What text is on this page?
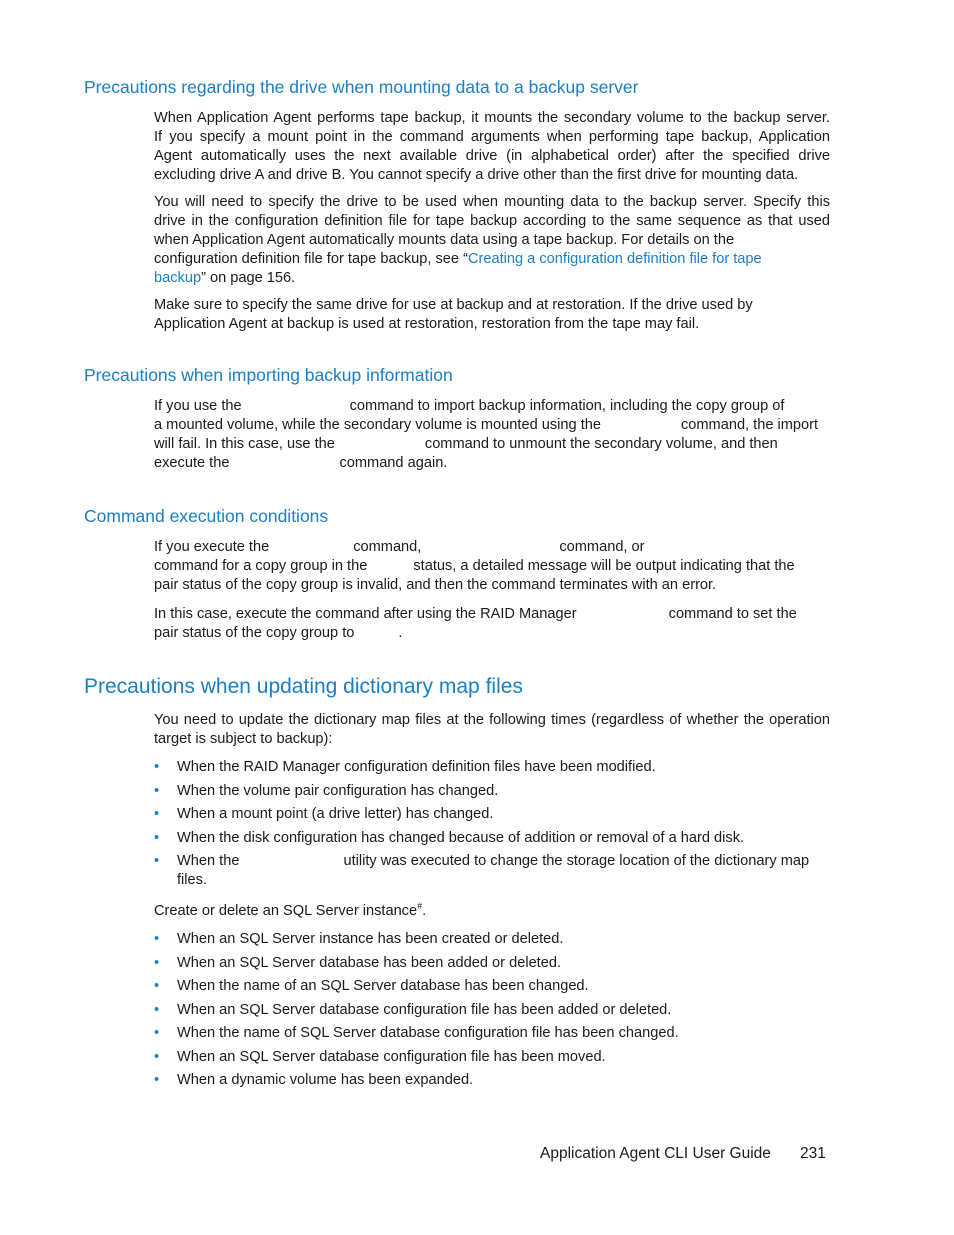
Precautions regarding the drive when mounting data to a backup server
When Application Agent performs tape backup, it mounts the secondary volume to the backup server.
If you specify a mount point in the command arguments when performing tape backup, Application
Agent automatically uses the next available drive (in alphabetical order) after the specified drive
excluding drive A and drive B. You cannot specify a drive other than the first drive for mounting data.
You will need to specify the drive to be used when mounting data to the backup server. Specify this
drive in the configuration definition file for tape backup according to the same sequence as that used
when Application Agent automatically mounts data using a tape backup. For details on the
configuration definition file for tape backup, see “Creating a configuration definition file for tape
backup” on page 156.
Make sure to specify the same drive for use at backup and at restoration. If the drive used by
Application Agent at backup is used at restoration, restoration from the tape may fail.
Precautions when importing backup information
If you use the	command to import backup information, including the copy group of
a mounted volume, while the secondary volume is mounted using the	command, the import
will fail. In this case, use the	command to unmount the secondary volume, and then
execute the	command again.
Command execution conditions
If you execute the	command,	command, or
command for a copy group in the	status, a detailed message will be output indicating that the
pair status of the copy group is invalid, and then the command terminates with an error.
In this case, execute the command after using the RAID Manager	command to set the
pair status of the copy group to	.
Precautions when updating dictionary map files
You need to update the dictionary map files at the following times (regardless of whether the operation
target is subject to backup):
• When the RAID Manager configuration definition files have been modified.
• When the volume pair configuration has changed.
• When a mount point (a drive letter) has changed.
• When the disk configuration has changed because of addition or removal of a hard disk.
• When the	utility was executed to change the storage location of the dictionary map
files.
Create or delete an SQL Server instance#.
• When an SQL Server instance has been created or deleted.
• When an SQL Server database has been added or deleted.
• When the name of an SQL Server database has been changed.
• When an SQL Server database configuration file has been added or deleted.
• When the name of SQL Server database configuration file has been changed.
• When an SQL Server database configuration file has been moved.
• When a dynamic volume has been expanded.
Application Agent CLI User Guide 231
